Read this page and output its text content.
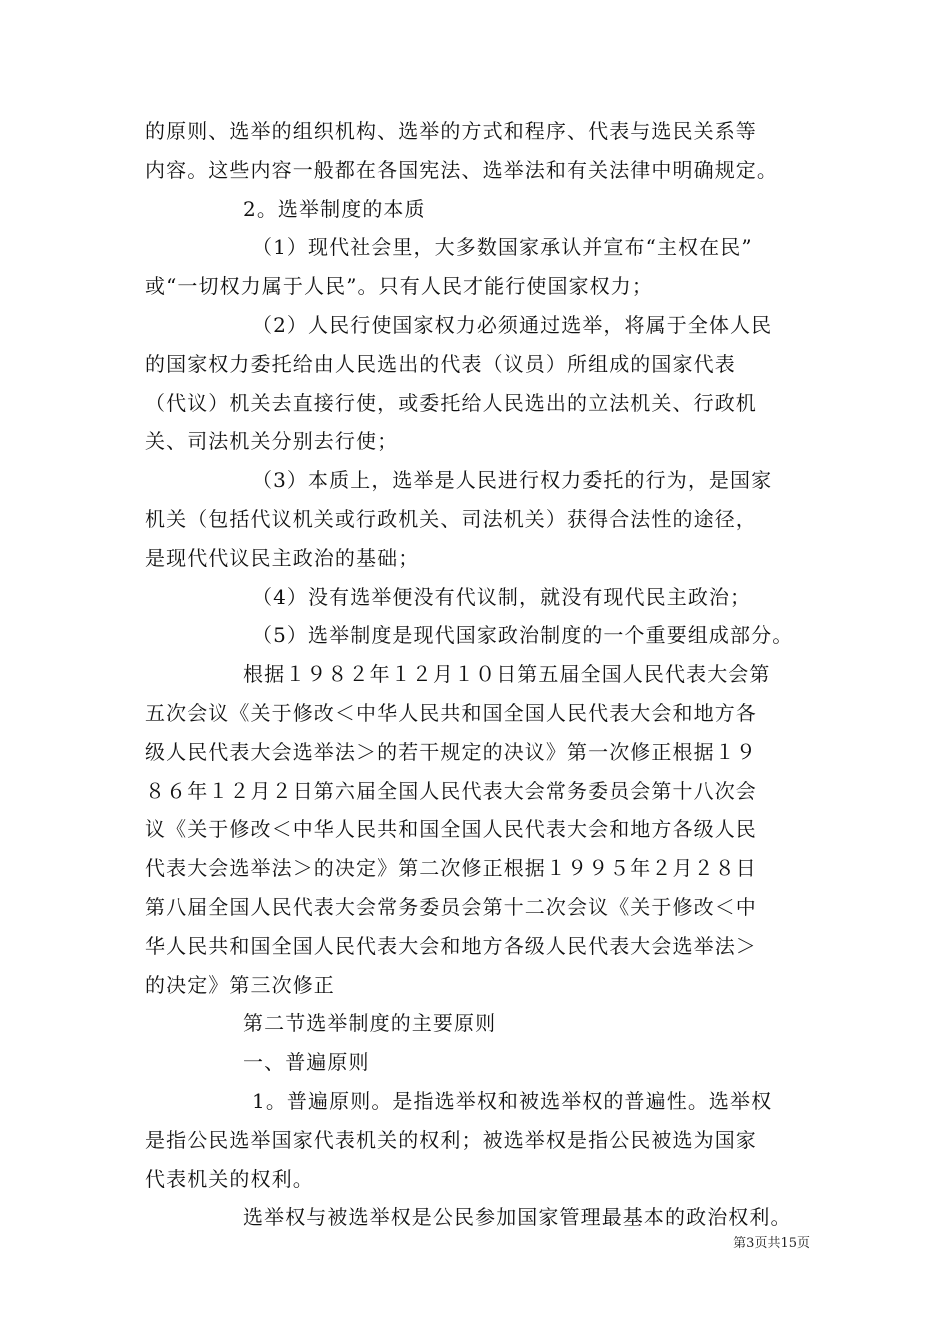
的原则、选举的组织机构、选举的方式和程序、代表与选民关系等
内容。这些内容一般都在各国宪法、选举法和有关法律中明确规定。
2。选举制度的本质
（1）现代社会里，大多数国家承认并宣布“主权在民”
或“一切权力属于人民”。只有人民才能行使国家权力；
（2）人民行使国家权力必须通过选举，将属于全体人民
的国家权力委托给由人民选出的代表（议员）所组成的国家代表
（代议）机关去直接行使，或委托给人民选出的立法机关、行政机
关、司法机关分别去行使；
（3）本质上，选举是人民进行权力委托的行为，是国家
机关（包括代议机关或行政机关、司法机关）获得合法性的途径，
是现代代议民主政治的基础；
（4）没有选举便没有代议制，就没有现代民主政治；
（5）选举制度是现代国家政治制度的一个重要组成部分。
根据１９８２年１２月１０日第五届全国人民代表大会第
五次会议《关于修改＜中华人民共和国全国人民代表大会和地方各
级人民代表大会选举法＞的若干规定的决议》第一次修正根据１９
８６年１２月２日第六届全国人民代表大会常务委员会第十八次会
议《关于修改＜中华人民共和国全国人民代表大会和地方各级人民
代表大会选举法＞的决定》第二次修正根据１９９５年２月２８日
第八届全国人民代表大会常务委员会第十二次会议《关于修改＜中
华人民共和国全国人民代表大会和地方各级人民代表大会选举法＞
的决定》第三次修正
第二节选举制度的主要原则
一、普遍原则
1。普遍原则。是指选举权和被选举权的普遍性。选举权
是指公民选举国家代表机关的权利；被选举权是指公民被选为国家
代表机关的权利。
选举权与被选举权是公民参加国家管理最基本的政治权利。
第3页共15页
